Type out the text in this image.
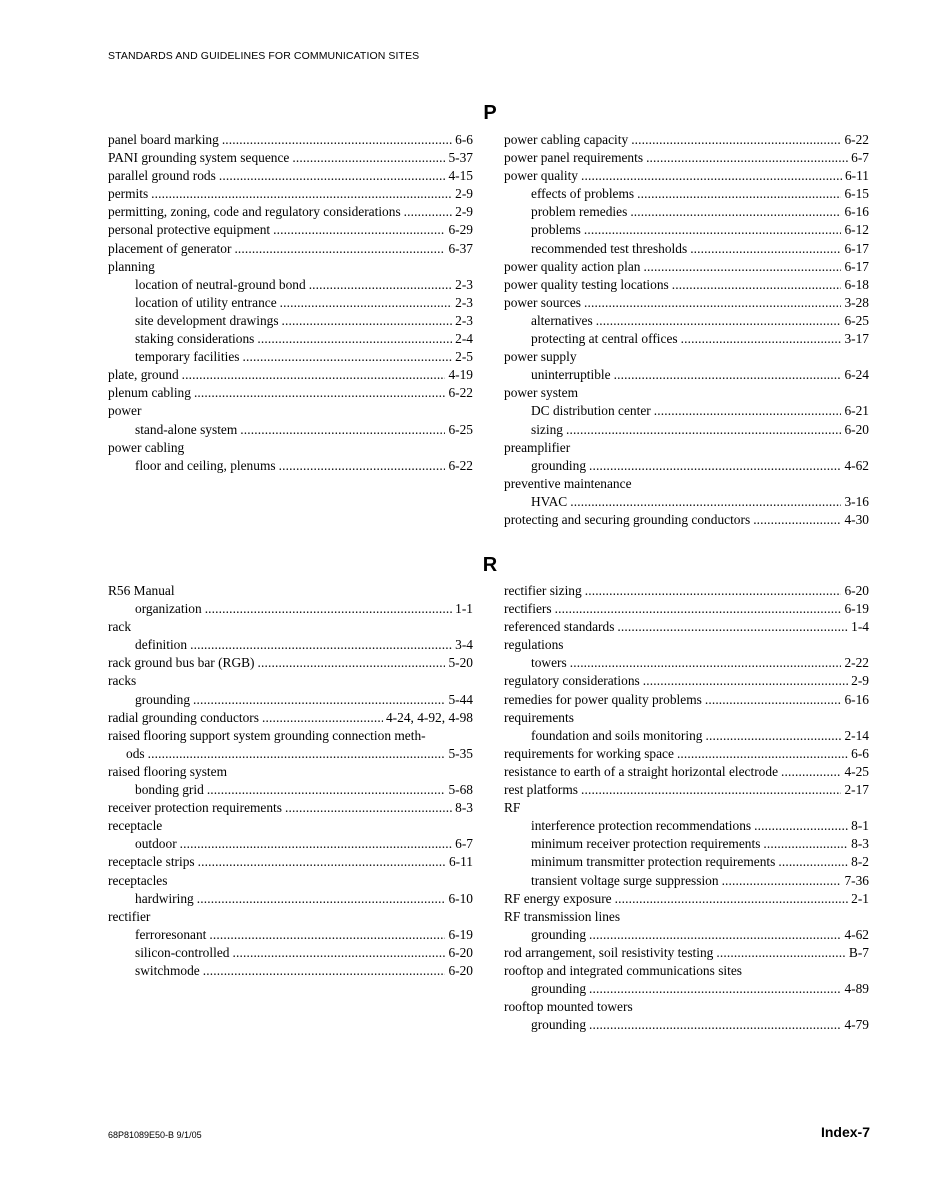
STANDARDS AND GUIDELINES FOR COMMUNICATION SITES
P
panel board marking . . .	6-6
PANI grounding system sequence . . .	5-37
parallel ground rods . . .	4-15
permits . . .	2-9
permitting, zoning, code and regulatory considerations . . .	2-9
personal protective equipment . . .	6-29
placement of generator . . .	6-37
planning
location of neutral-ground bond . . .	2-3
location of utility entrance . . .	2-3
site development drawings . . .	2-3
staking considerations . . .	2-4
temporary facilities . . .	2-5
plate, ground . . .	4-19
plenum cabling . . .	6-22
power
stand-alone system . . .	6-25
power cabling
floor and ceiling, plenums . . .	6-22
power cabling capacity . . .	6-22
power panel requirements . . .	6-7
power quality . . .	6-11
effects of problems . . .	6-15
problem remedies . . .	6-16
problems . . .	6-12
recommended test thresholds . . .	6-17
power quality action plan . . .	6-17
power quality testing locations . . .	6-18
power sources . . .	3-28
alternatives . . .	6-25
protecting at central offices . . .	3-17
power supply
uninterruptible . . .	6-24
power system
DC distribution center . . .	6-21
sizing . . .	6-20
preamplifier
grounding . . .	4-62
preventive maintenance
HVAC . . .	3-16
protecting and securing grounding conductors . . .	4-30
R
R56 Manual
organization . . .	1-1
rack
definition . . .	3-4
rack ground bus bar (RGB) . . .	5-20
racks
grounding . . .	5-44
radial grounding conductors . . .	4-24, 4-92, 4-98
raised flooring support system grounding connection meth-
ods . . .	5-35
raised flooring system
bonding grid . . .	5-68
receiver protection requirements . . .	8-3
receptacle
outdoor . . .	6-7
receptacle strips . . .	6-11
receptacles
hardwiring . . .	6-10
rectifier
ferroresonant . . .	6-19
silicon-controlled . . .	6-20
switchmode . . .	6-20
rectifier sizing . . .	6-20
rectifiers . . .	6-19
referenced standards . . .	1-4
regulations
towers . . .	2-22
regulatory considerations . . .	2-9
remedies for power quality problems . . .	6-16
requirements
foundation and soils monitoring . . .	2-14
requirements for working space . . .	6-6
resistance to earth of a straight horizontal electrode . . .	4-25
rest platforms . . .	2-17
RF
interference protection recommendations . . .	8-1
minimum receiver protection requirements . . .	8-3
minimum transmitter protection requirements . . .	8-2
transient voltage surge suppression . . .	7-36
RF energy exposure . . .	2-1
RF transmission lines
grounding . . .	4-62
rod arrangement, soil resistivity testing . . .	B-7
rooftop and integrated communications sites
grounding . . .	4-89
rooftop mounted towers
grounding . . .	4-79
68P81089E50-B 9/1/05	Index-7
